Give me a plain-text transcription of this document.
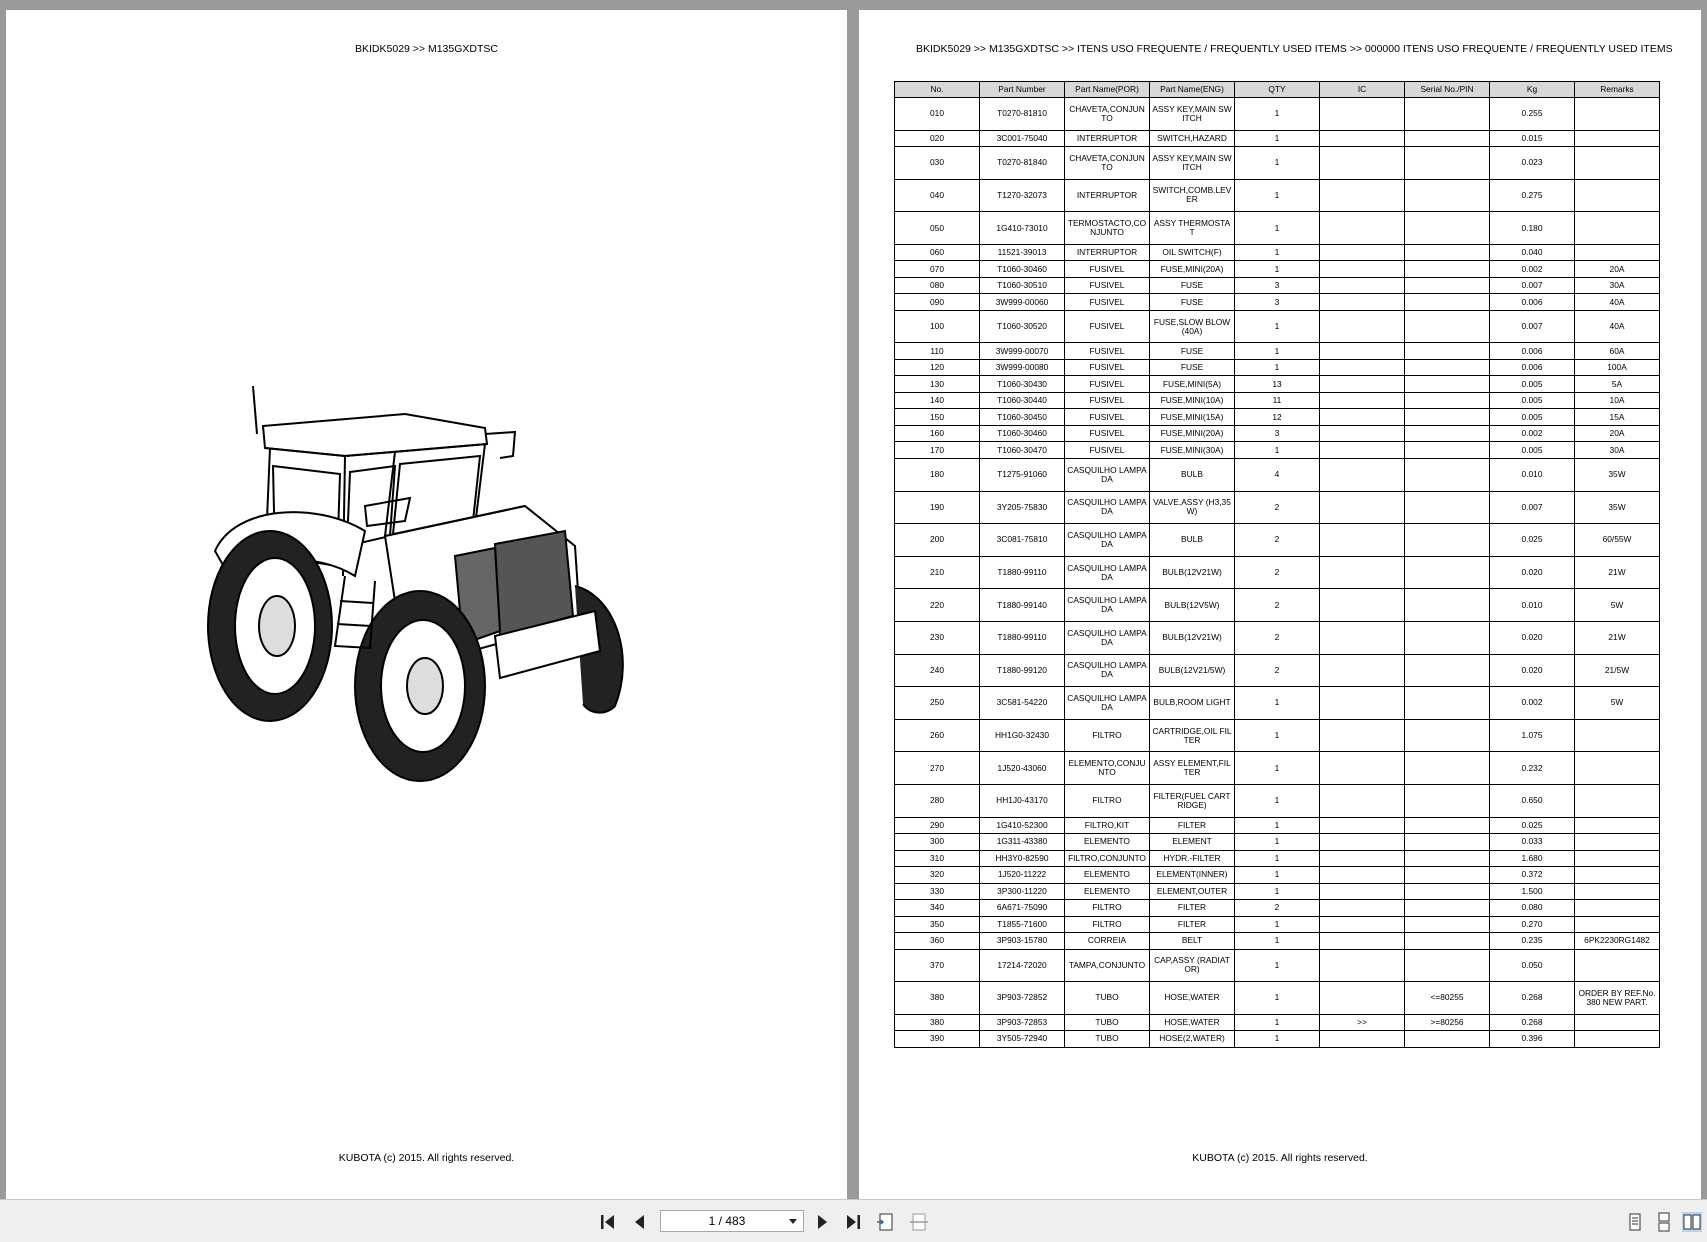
BKIDK5029 >> M135GXDTSC
KUBOTA (c) 2015. All rights reserved.
BKIDK5029 >> M135GXDTSC >> ITENS USO FREQUENTE / FREQUENTLY USED ITEMS >> 000000 ITENS USO FREQUENTE / FREQUENTLY USED ITEMS
No.	Part Number	Part Name(POR)	Part Name(ENG)	QTY	IC	Serial No./PIN	Kg	Remarks
010	T0270-81810	CHAVETA,CONJUNTO	ASSY KEY,MAIN SWITCH	1			0.255	
020	3C001-75040	INTERRUPTOR	SWITCH,HAZARD	1			0.015	
030	T0270-81840	CHAVETA,CONJUNTO	ASSY KEY,MAIN SWITCH	1			0.023	
040	T1270-32073	INTERRUPTOR	SWITCH,COMB.LEVER	1			0.275	
050	1G410-73010	TERMOSTACTO,CONJUNTO	ASSY THERMOSTAT	1			0.180	
060	11521-39013	INTERRUPTOR	OIL SWITCH(F)	1			0.040	
070	T1060-30460	FUSIVEL	FUSE,MINI(20A)	1			0.002	20A
080	T1060-30510	FUSIVEL	FUSE	3			0.007	30A
090	3W999-00060	FUSIVEL	FUSE	3			0.006	40A
100	T1060-30520	FUSIVEL	FUSE,SLOW BLOW (40A)	1			0.007	40A
110	3W999-00070	FUSIVEL	FUSE	1			0.006	60A
120	3W999-00080	FUSIVEL	FUSE	1			0.006	100A
130	T1060-30430	FUSIVEL	FUSE,MINI(5A)	13			0.005	5A
140	T1060-30440	FUSIVEL	FUSE,MINI(10A)	11			0.005	10A
150	T1060-30450	FUSIVEL	FUSE,MINI(15A)	12			0.005	15A
160	T1060-30460	FUSIVEL	FUSE,MINI(20A)	3			0.002	20A
170	T1060-30470	FUSIVEL	FUSE,MINI(30A)	1			0.005	30A
180	T1275-91060	CASQUILHO LAMPADA	BULB	4			0.010	35W
190	3Y205-75830	CASQUILHO LAMPADA	VALVE,ASSY (H3,35W)	2			0.007	35W
200	3C081-75810	CASQUILHO LAMPADA	BULB	2			0.025	60/55W
210	T1880-99110	CASQUILHO LAMPADA	BULB(12V21W)	2			0.020	21W
220	T1880-99140	CASQUILHO LAMPADA	BULB(12V5W)	2			0.010	5W
230	T1880-99110	CASQUILHO LAMPADA	BULB(12V21W)	2			0.020	21W
240	T1880-99120	CASQUILHO LAMPADA	BULB(12V21/5W)	2			0.020	21/5W
250	3C581-54220	CASQUILHO LAMPADA	BULB,ROOM LIGHT	1			0.002	5W
260	HH1G0-32430	FILTRO	CARTRIDGE,OIL FILTER	1			1.075	
270	1J520-43060	ELEMENTO,CONJUNTO	ASSY ELEMENT,FILTER	1			0.232	
280	HH1J0-43170	FILTRO	FILTER(FUEL CARTRIDGE)	1			0.650	
290	1G410-52300	FILTRO,KIT	FILTER	1			0.025	
300	1G311-43380	ELEMENTO	ELEMENT	1			0.033	
310	HH3Y0-82590	FILTRO,CONJUNTO	HYDR.-FILTER	1			1.680	
320	1J520-11222	ELEMENTO	ELEMENT(INNER)	1			0.372	
330	3P300-11220	ELEMENTO	ELEMENT,OUTER	1			1.500	
340	6A671-75090	FILTRO	FILTER	2			0.080	
350	T1855-71600	FILTRO	FILTER	1			0.270	
360	3P903-15780	CORREIA	BELT	1			0.235	6PK2230RG1482
370	17214-72020	TAMPA,CONJUNTO	CAP,ASSY (RADIATOR)	1			0.050	
380	3P903-72852	TUBO	HOSE,WATER	1		<=80255	0.268	ORDER BY REF.No.380 NEW PART.
380	3P903-72853	TUBO	HOSE,WATER	1	>>	>=80256	0.268	
390	3Y505-72940	TUBO	HOSE(2,WATER)	1			0.396	
KUBOTA (c) 2015. All rights reserved.
1 / 483
